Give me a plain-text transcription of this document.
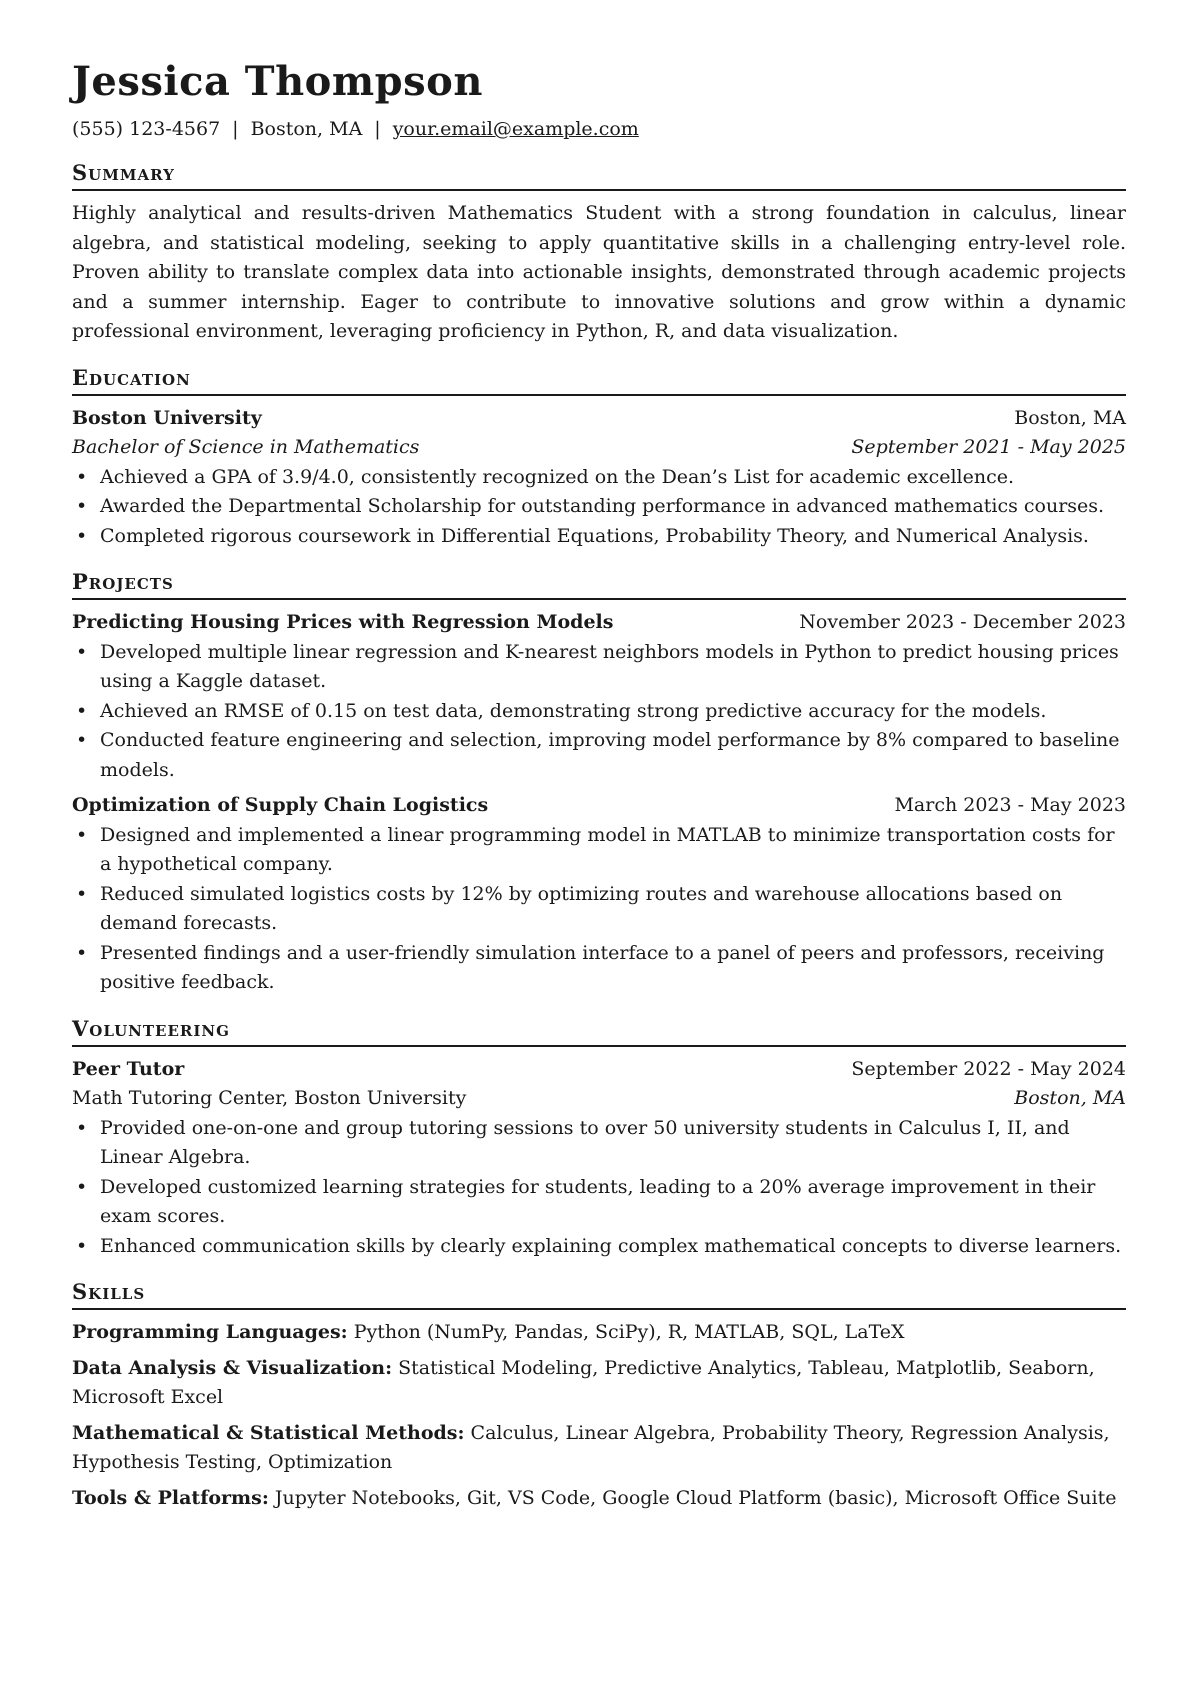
Jessica Thompson
(555) 123-4567 | Boston, MA | your.email@example.com
Summary
Highly analytical and results-driven Mathematics Student with a strong foundation in calculus, linear algebra, and statistical modeling, seeking to apply quantitative skills in a challenging entry-level role. Proven ability to translate complex data into actionable insights, demonstrated through academic projects and a summer internship. Eager to contribute to innovative solutions and grow within a dynamic professional environment, leveraging proficiency in Python, R, and data visualization.
Education
Boston University	Boston, MA
Bachelor of Science in Mathematics	September 2021 - May 2025
• Achieved a GPA of 3.9/4.0, consistently recognized on the Dean’s List for academic excellence.
• Awarded the Departmental Scholarship for outstanding performance in advanced mathematics courses.
• Completed rigorous coursework in Differential Equations, Probability Theory, and Numerical Analysis.
Projects
Predicting Housing Prices with Regression Models	November 2023 - December 2023
• Developed multiple linear regression and K-nearest neighbors models in Python to predict housing prices using a Kaggle dataset.
• Achieved an RMSE of 0.15 on test data, demonstrating strong predictive accuracy for the models.
• Conducted feature engineering and selection, improving model performance by 8% compared to baseline models.
Optimization of Supply Chain Logistics	March 2023 - May 2023
• Designed and implemented a linear programming model in MATLAB to minimize transportation costs for a hypothetical company.
• Reduced simulated logistics costs by 12% by optimizing routes and warehouse allocations based on demand forecasts.
• Presented findings and a user-friendly simulation interface to a panel of peers and professors, receiving positive feedback.
Volunteering
Peer Tutor	September 2022 - May 2024
Math Tutoring Center, Boston University	Boston, MA
• Provided one-on-one and group tutoring sessions to over 50 university students in Calculus I, II, and Linear Algebra.
• Developed customized learning strategies for students, leading to a 20% average improvement in their exam scores.
• Enhanced communication skills by clearly explaining complex mathematical concepts to diverse learners.
Skills
Programming Languages: Python (NumPy, Pandas, SciPy), R, MATLAB, SQL, LaTeX
Data Analysis & Visualization: Statistical Modeling, Predictive Analytics, Tableau, Matplotlib, Seaborn, Microsoft Excel
Mathematical & Statistical Methods: Calculus, Linear Algebra, Probability Theory, Regression Analysis, Hypothesis Testing, Optimization
Tools & Platforms: Jupyter Notebooks, Git, VS Code, Google Cloud Platform (basic), Microsoft Office Suite
